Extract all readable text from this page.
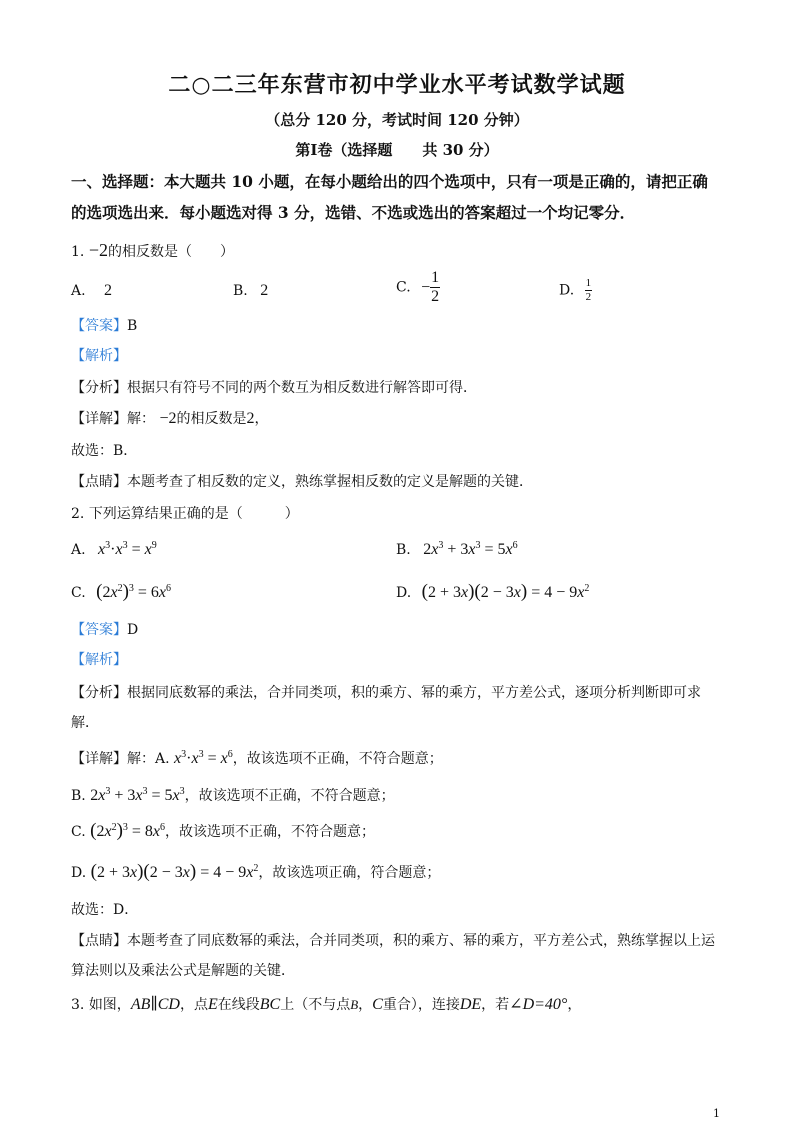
二○二三年东营市初中学业水平考试数学试题
（总分 120 分，考试时间 120 分钟）
第Ⅰ卷（选择题　　共 30 分）
一、选择题：本大题共 10 小题，在每小题给出的四个选项中，只有一项是正确的，请把正确
的选项选出来．每小题选对得 3 分，选错、不选或选出的答案超过一个均记零分．
1. −2的相反数是（　　）
A. 2	B. 2	C. − $\frac{1}{2}$	D. $\frac{1}{2}$
【答案】B
【解析】
【分析】根据只有符号不同的两个数互为相反数进行解答即可得．
【详解】解： −2的相反数是2，
故选：B．
【点睛】本题考查了相反数的定义，熟练掌握相反数的定义是解题的关键．
2. 下列运算结果正确的是（　　　）
A. $x^3\cdot x^3 = x^9$	B. $2x^3 + 3x^3 = 5x^6$
C. $(2x^2)^3 = 6x^6$	D. $(2 + 3x)(2 - 3x) = 4 - 9x^2$
【答案】D
【解析】
【分析】根据同底数幂的乘法，合并同类项，积的乘方、幂的乘方，平方差公式，逐项分析判断即可求
解．
【详解】解：A. $x^3\cdot x^3 = x^6$，故该选项不正确，不符合题意；
B. $2x^3 + 3x^3 = 5x^3$，故该选项不正确，不符合题意；
C. $(2x^2)^3 = 8x^6$，故该选项不正确，不符合题意；
D. $(2 + 3x)(2 - 3x) = 4 - 9x^2$，故该选项正确，符合题意；
故选：D．
【点睛】本题考查了同底数幂的乘法，合并同类项，积的乘方、幂的乘方，平方差公式，熟练掌握以上运
算法则以及乘法公式是解题的关键．
3. 如图，AB∥CD，点E在线段BC上（不与点B，C重合），连接DE，若∠D=40°，
1
